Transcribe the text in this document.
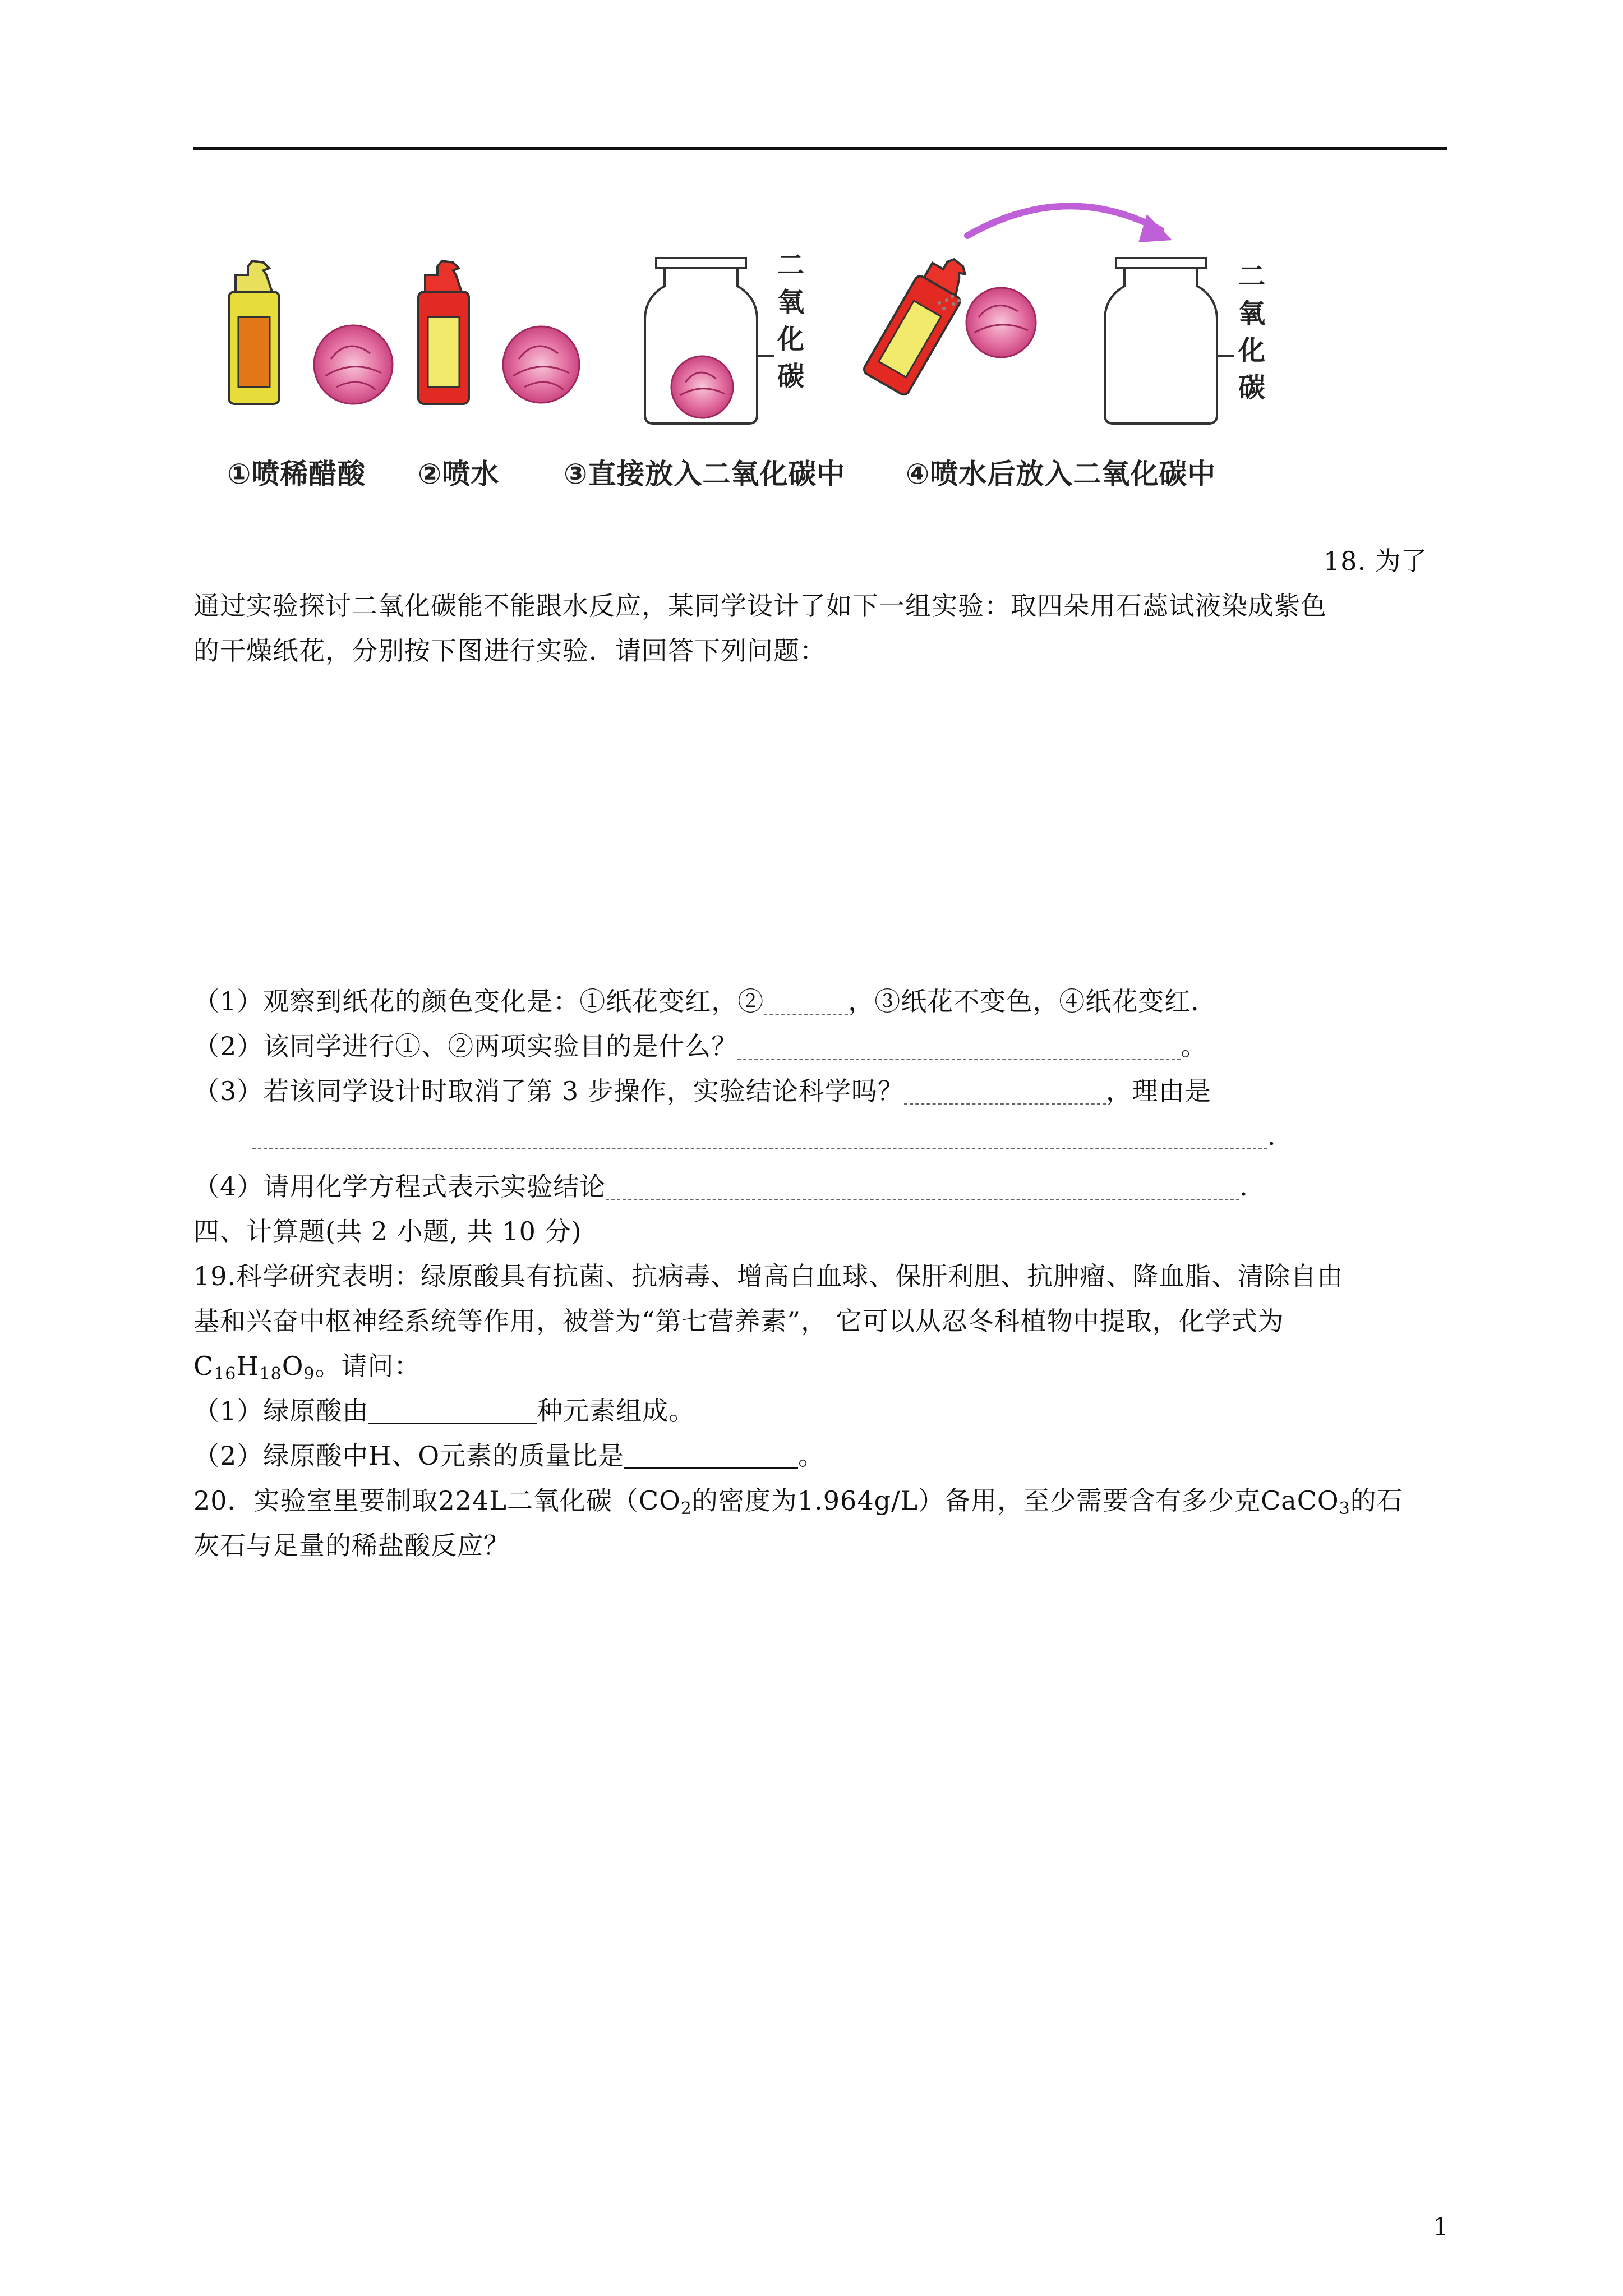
二
氧
化
碳
二
氧
化
碳
①喷稀醋酸 ②喷水 ③直接放入二氧化碳中 ④喷水后放入二氧化碳中
18. 为了
通过实验探讨二氧化碳能不能跟水反应，某同学设计了如下一组实验：取四朵用石蕊试液染成紫色
的干燥纸花，分别按下图进行实验．请回答下列问题：
（1）观察到纸花的颜色变化是：①纸花变红，②	，③纸花不变色，④纸花变红．
（2）该同学进行①、②两项实验目的是什么？	。
（3）若该同学设计时取消了第 3 步操作，实验结论科学吗？	，理由是
.
（4）请用化学方程式表示实验结论	.
四、计算题(共 2 小题, 共 10 分)
19.科学研究表明：绿原酸具有抗菌、抗病毒、增高白血球、保肝利胆、抗肿瘤、降血脂、清除自由
基和兴奋中枢神经系统等作用，被誉为“第七营养素”， 它可以从忍冬科植物中提取，化学式为
$C_{16}H_{18}O_9$。请问：
（1）绿原酸由	种元素组成。
（2）绿原酸中H、O元素的质量比是	。
20．实验室里要制取224L二氧化碳（$CO_2$的密度为1.964g/L）备用，至少需要含有多少克CaCO$_3$的石
灰石与足量的稀盐酸反应？
1
